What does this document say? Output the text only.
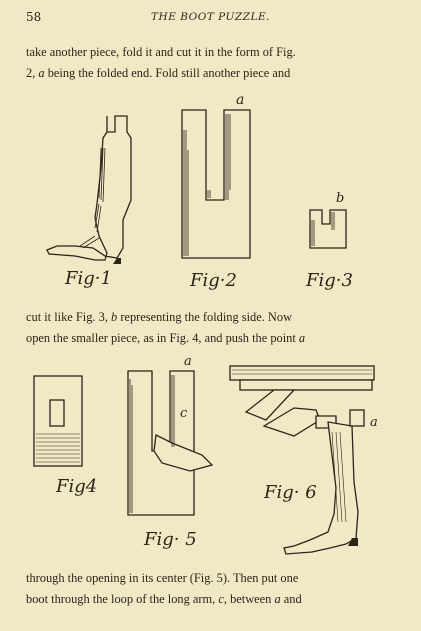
58	THE BOOT PUZZLE.
take another piece, fold it and cut it in the form of Fig.
2, a being the folded end. Fold still another piece and
Fig·1
a
Fig·2
b
Fig·3
cut it like Fig. 3, b representing the folding side. Now
open the smaller piece, as in Fig. 4, and push the point a
Fig4
a
c
Fig· 5
a
Fig· 6
through the opening in its center (Fig. 5). Then put one
boot through the loop of the long arm, c, between a and
